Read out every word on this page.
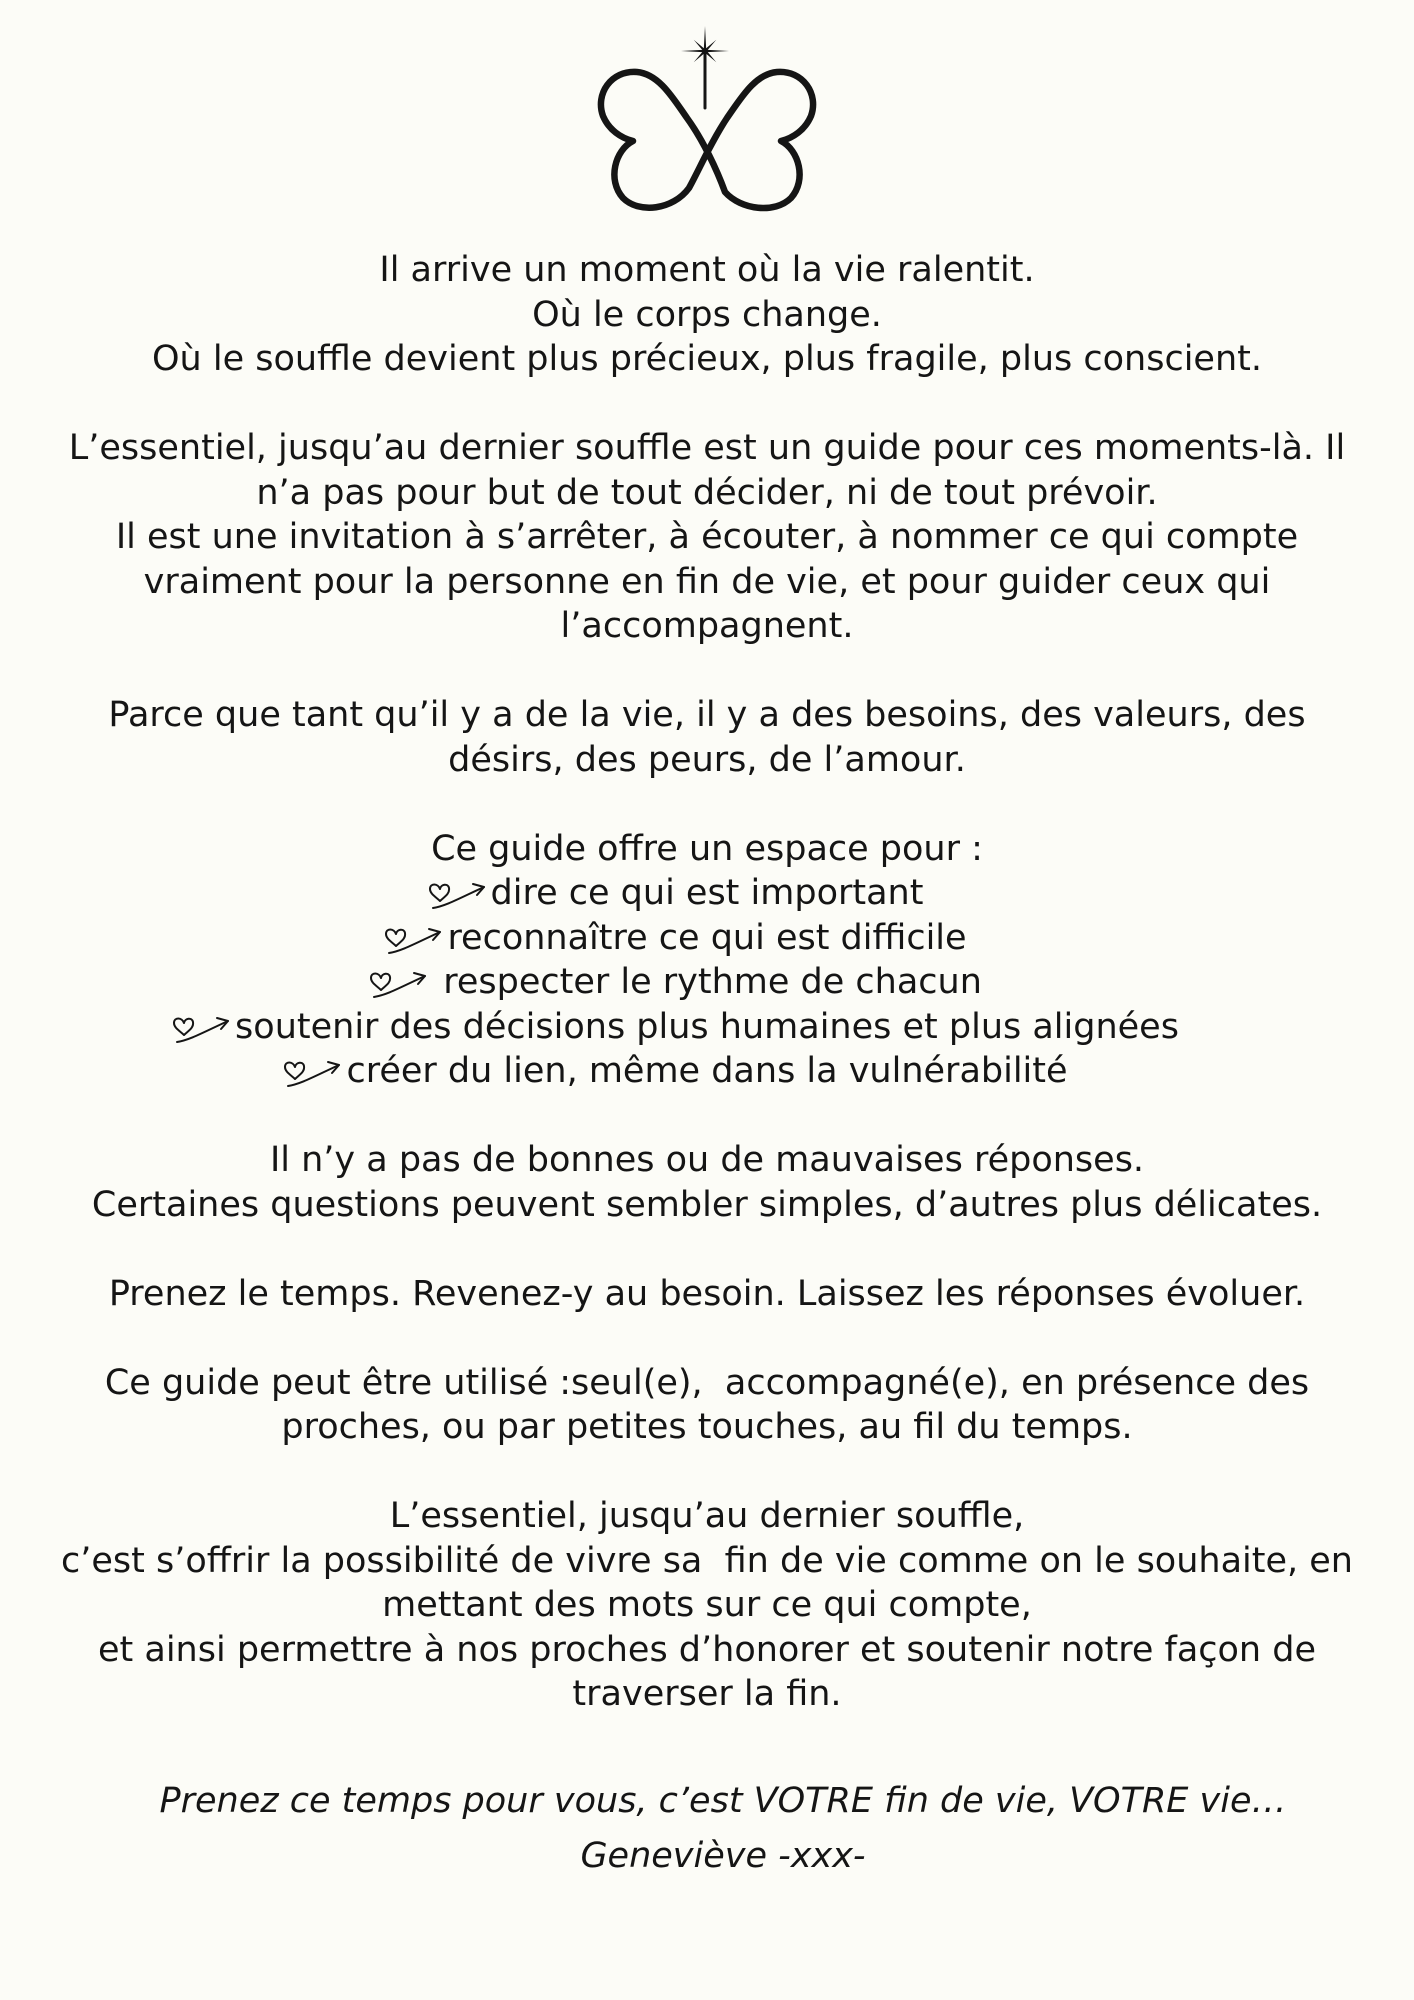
Il arrive un moment où la vie ralentit.
Où le corps change.
Où le souffle devient plus précieux, plus fragile, plus conscient.
L’essentiel, jusqu’au dernier souffle est un guide pour ces moments-là. Il
n’a pas pour but de tout décider, ni de tout prévoir.
Il est une invitation à s’arrêter, à écouter, à nommer ce qui compte
vraiment pour la personne en fin de vie, et pour guider ceux qui
l’accompagnent.
Parce que tant qu’il y a de la vie, il y a des besoins, des valeurs, des
désirs, des peurs, de l’amour.
Ce guide offre un espace pour :
dire ce qui est important
reconnaître ce qui est difficile
respecter le rythme de chacun
soutenir des décisions plus humaines et plus alignées
créer du lien, même dans la vulnérabilité
Il n’y a pas de bonnes ou de mauvaises réponses.
Certaines questions peuvent sembler simples, d’autres plus délicates.
Prenez le temps. Revenez-y au besoin. Laissez les réponses évoluer.
Ce guide peut être utilisé :seul(e),  accompagné(e), en présence des
proches, ou par petites touches, au fil du temps.
L’essentiel, jusqu’au dernier souffle,
c’est s’offrir la possibilité de vivre sa  fin de vie comme on le souhaite, en
mettant des mots sur ce qui compte,
et ainsi permettre à nos proches d’honorer et soutenir notre façon de
traverser la fin.
Prenez ce temps pour vous, c’est VOTRE fin de vie, VOTRE vie…
Geneviève -xxx-
